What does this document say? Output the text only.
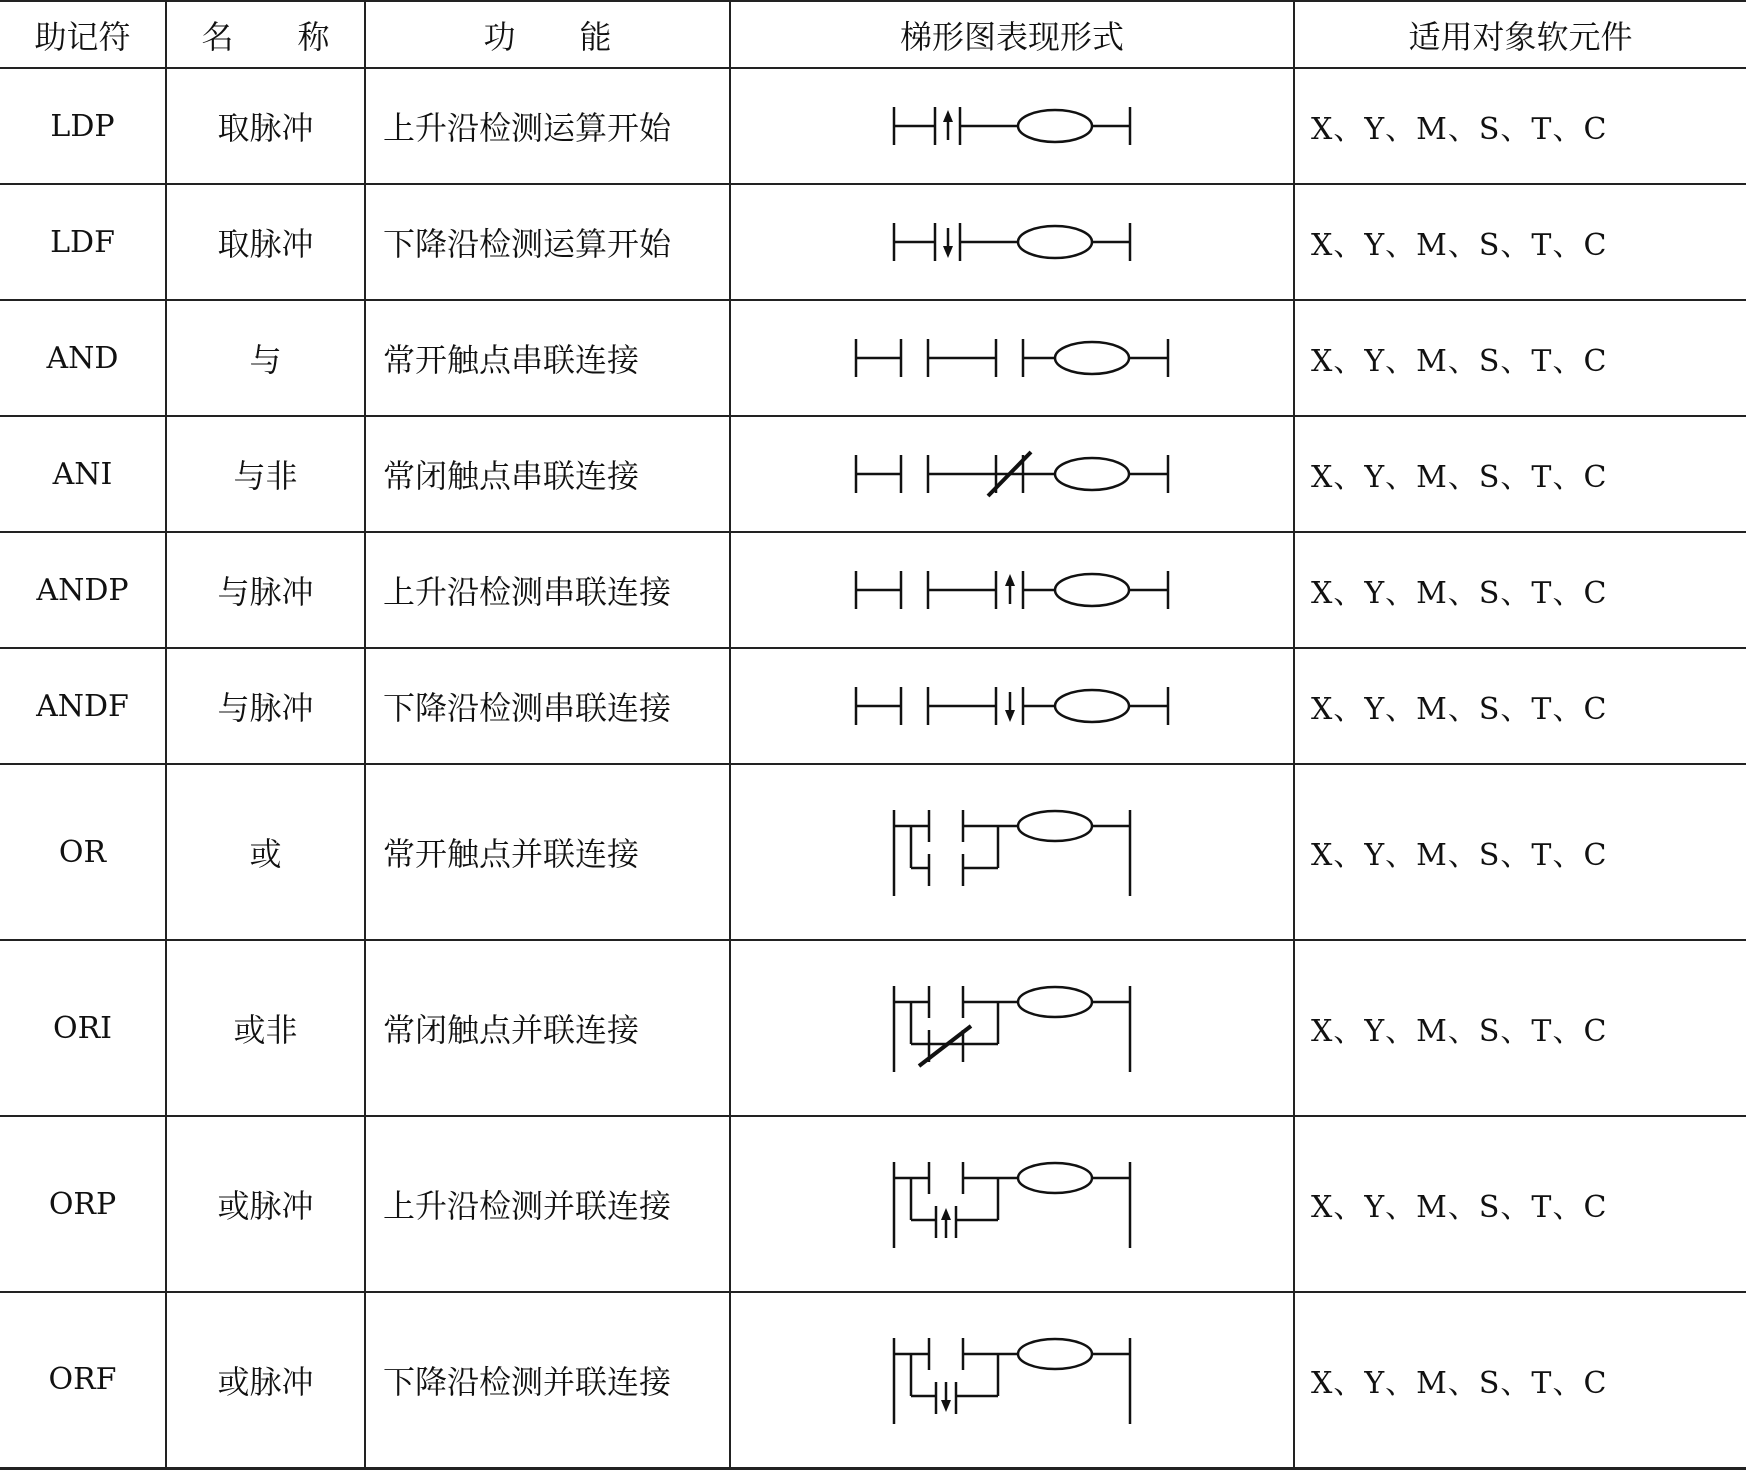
助记符	名　　称	功　　能	梯形图表现形式	适用对象软元件
LDP	取脉冲	上升沿检测运算开始		X、Y、M、S、T、C
LDF	取脉冲	下降沿检测运算开始		X、Y、M、S、T、C
AND	与	常开触点串联连接		X、Y、M、S、T、C
ANI	与非	常闭触点串联连接		X、Y、M、S、T、C
ANDP	与脉冲	上升沿检测串联连接		X、Y、M、S、T、C
ANDF	与脉冲	下降沿检测串联连接		X、Y、M、S、T、C
OR	或	常开触点并联连接		X、Y、M、S、T、C
ORI	或非	常闭触点并联连接		X、Y、M、S、T、C
ORP	或脉冲	上升沿检测并联连接		X、Y、M、S、T、C
ORF	或脉冲	下降沿检测并联连接		X、Y、M、S、T、C
